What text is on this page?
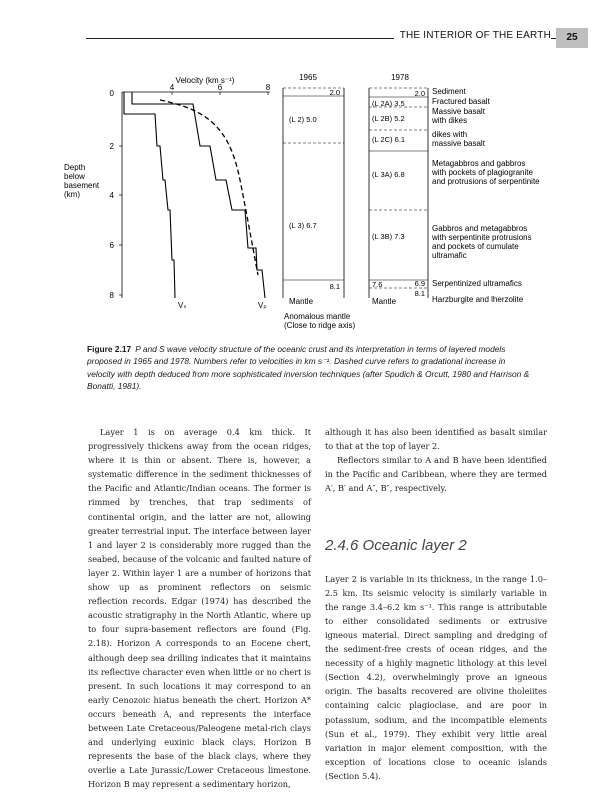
THE INTERIOR OF THE EARTH	25
Velocity (km s⁻¹)
4	6	8
0
2
4
6
8
Depth
below
basement
(km)
Vₛ	Vₚ
1965
2.0
(L 2) 5.0
(L 3) 6.7
8.1
Mantle
Anomalous mantle
(Close to ridge axis)
1978
2.0
(L 2A) 3.5
(L 2B) 5.2
(L 2C) 6.1
(L 3A) 6.8
(L 3B) 7.3
7.6	6.9
8.1
Mantle
Sediment
Fractured basalt
Massive basalt
with dikes
dikes with
massive basalt
Metagabbros and gabbros
with pockets of plagiogranite
and protrusions of serpentinite
Gabbros and metagabbros
with serpentinite protrusions
and pockets of cumulate
ultramafic
Serpentinized ultramafics
Harzburgite and lherzolite
Figure 2.17 P and S wave velocity structure of the oceanic crust and its interpretation in terms of layered models proposed in 1965 and 1978. Numbers refer to velocities in km s⁻¹. Dashed curve refers to gradational increase in velocity with depth deduced from more sophisticated inversion techniques (after Spudich & Orcutt, 1980 and Harrison & Bonatti, 1981).

Layer 1 is on average 0.4 km thick. It progressively thickens away from the ocean ridges, where it is thin or absent. There is, however, a systematic difference in the sediment thicknesses of the Pacific and Atlantic/Indian oceans. The former is rimmed by trenches, that trap sediments of continental origin, and the latter are not, allowing greater terrestrial input. The interface between layer 1 and layer 2 is considerably more rugged than the seabed, because of the volcanic and faulted nature of layer 2. Within layer 1 are a number of horizons that show up as prominent reflectors on seismic reflection records. Edgar (1974) has described the acoustic stratigraphy in the North Atlantic, where up to four supra-basement reflectors are found (Fig. 2.18). Horizon A corresponds to an Eocene chert, although deep sea drilling indicates that it maintains its reflective character even when little or no chert is present. In such locations it may correspond to an early Cenozoic hiatus beneath the chert. Horizon A* occurs beneath A, and represents the interface between Late Cretaceous/Paleogene metal-rich clays and underlying euxinic black clays. Horizon B represents the base of the black clays, where they overlie a Late Jurassic/Lower Cretaceous limestone. Horizon B may represent a sedimentary horizon,

although it has also been identified as basalt similar to that at the top of layer 2.

Reflectors similar to A and B have been identified in the Pacific and Caribbean, where they are termed A′, B′ and A″, B″, respectively.

2.4.6 Oceanic layer 2

Layer 2 is variable in its thickness, in the range 1.0–2.5 km. Its seismic velocity is similarly variable in the range 3.4–6.2 km s⁻¹. This range is attributable to either consolidated sediments or extrusive igneous material. Direct sampling and dredging of the sediment-free crests of ocean ridges, and the necessity of a highly magnetic lithology at this level (Section 4.2), overwhelmingly prove an igneous origin. The basalts recovered are olivine tholeiites containing calcic plagioclase, and are poor in potassium, sodium, and the incompatible elements (Sun et al., 1979). They exhibit very little areal variation in major element composition, with the exception of locations close to oceanic islands (Section 5.4).
